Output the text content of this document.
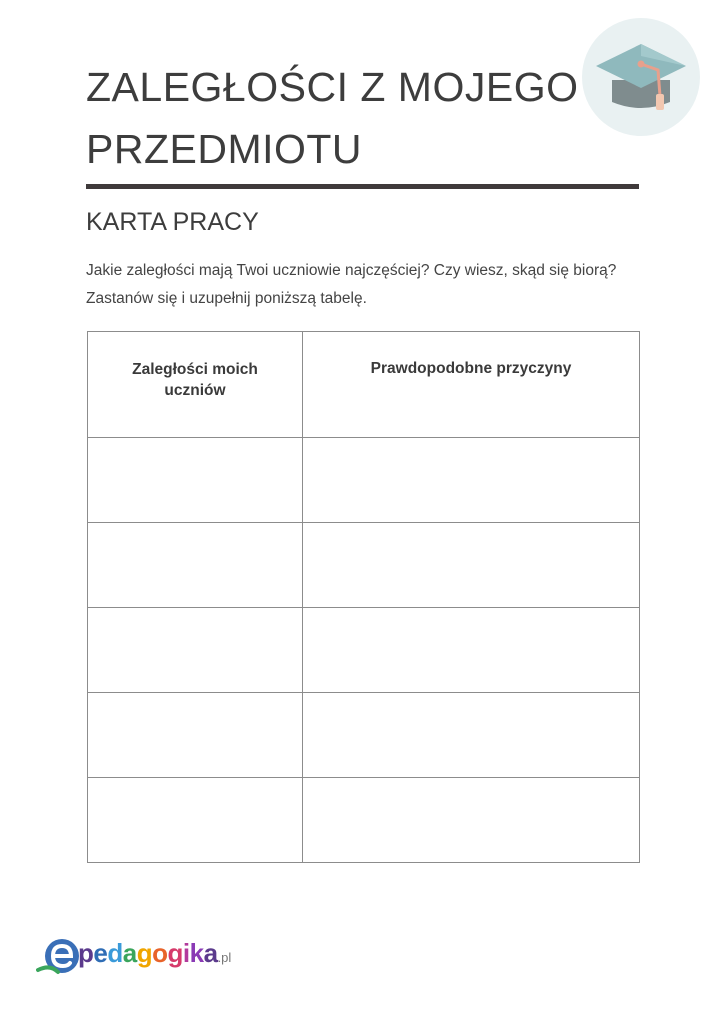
ZALEGŁOŚCI Z MOJEGO
PRZEDMIOTU
KARTA PRACY

Jakie zaległości mają Twoi uczniowie najczęściej? Czy wiesz, skąd się biorą? Zastanów się i uzupełnij poniższą tabelę.

Zaległości moich uczniów	Prawdopodobne przyczyny

pedagogika.pl
